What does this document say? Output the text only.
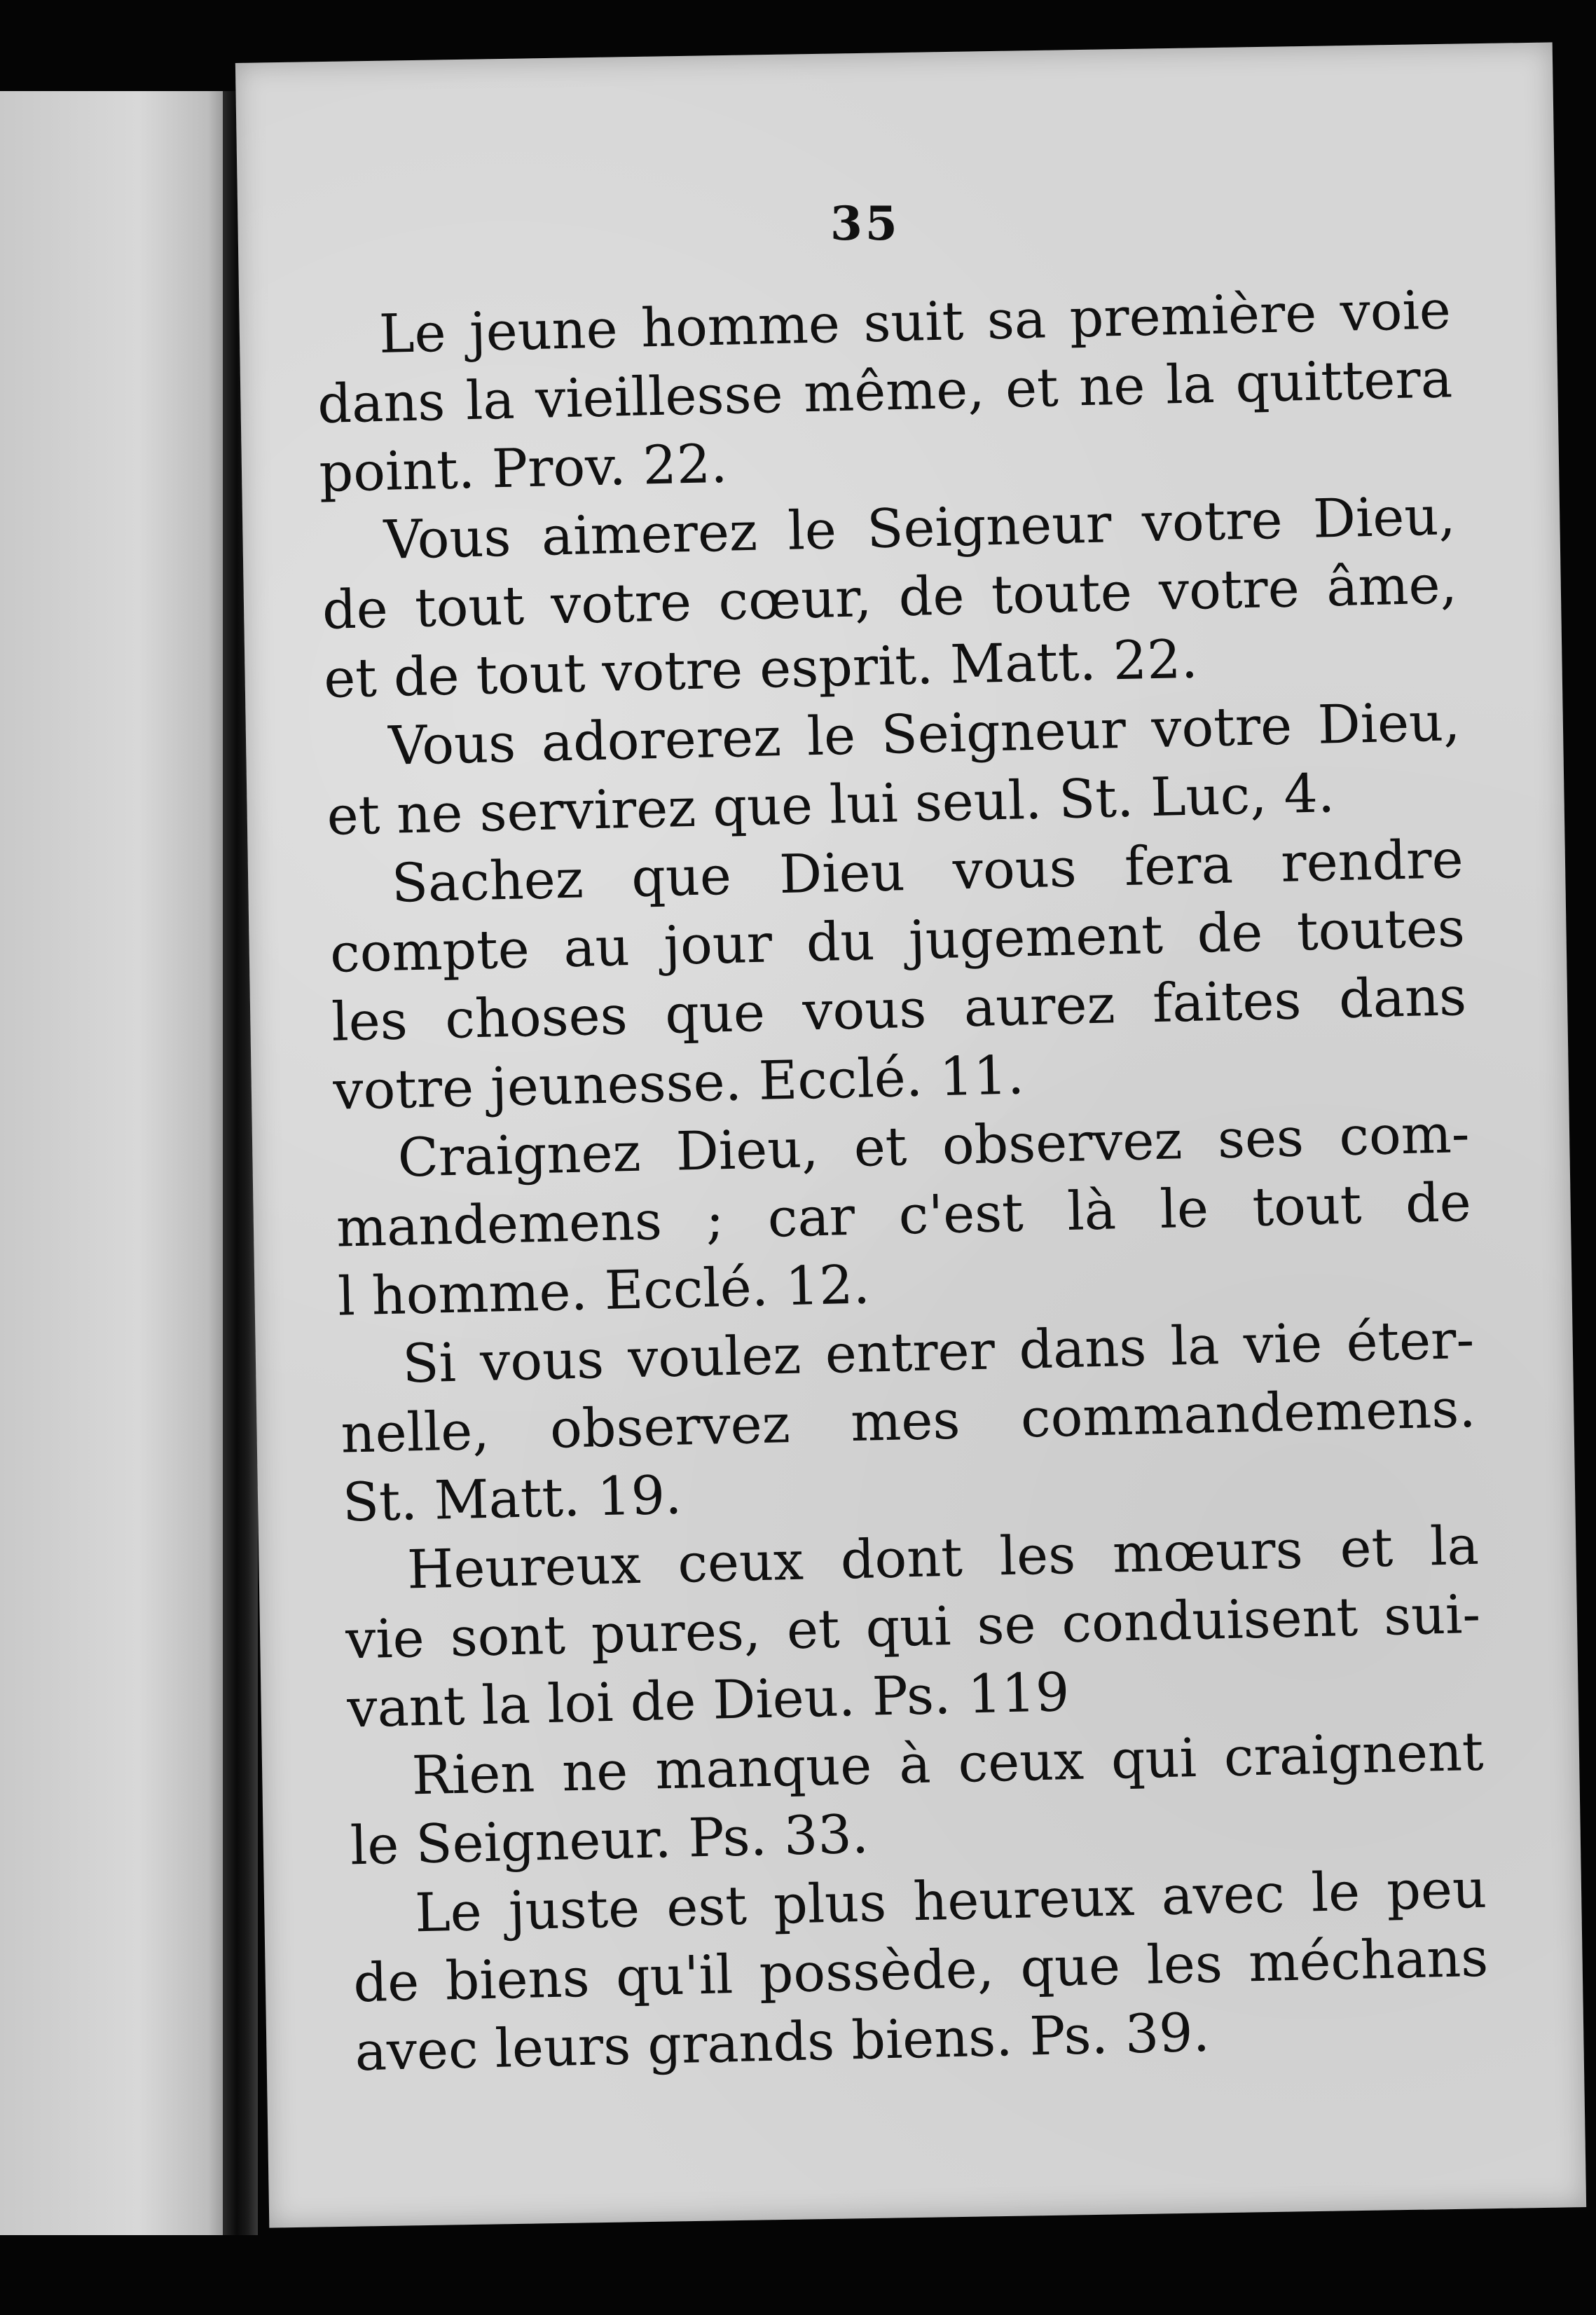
35
Le jeune homme suit sa première voie
dans la vieillesse même, et ne la quittera
point. Prov. 22.
Vous aimerez le Seigneur votre Dieu,
de tout votre cœur, de toute votre âme,
et de tout votre esprit. Matt. 22.
Vous adorerez le Seigneur votre Dieu,
et ne servirez que lui seul. St. Luc, 4.
Sachez que Dieu vous fera rendre
compte au jour du jugement de toutes
les choses que vous aurez faites dans
votre jeunesse. Ecclé. 11.
Craignez Dieu, et observez ses com-
mandemens ; car c'est là le tout de
l homme. Ecclé. 12.
Si vous voulez entrer dans la vie éter-
nelle, observez mes commandemens.
St. Matt. 19.
Heureux ceux dont les mœurs et la
vie sont pures, et qui se conduisent sui-
vant la loi de Dieu. Ps. 119
Rien ne manque à ceux qui craignent
le Seigneur. Ps. 33.
Le juste est plus heureux avec le peu
de biens qu'il possède, que les méchans
avec leurs grands biens. Ps. 39.
